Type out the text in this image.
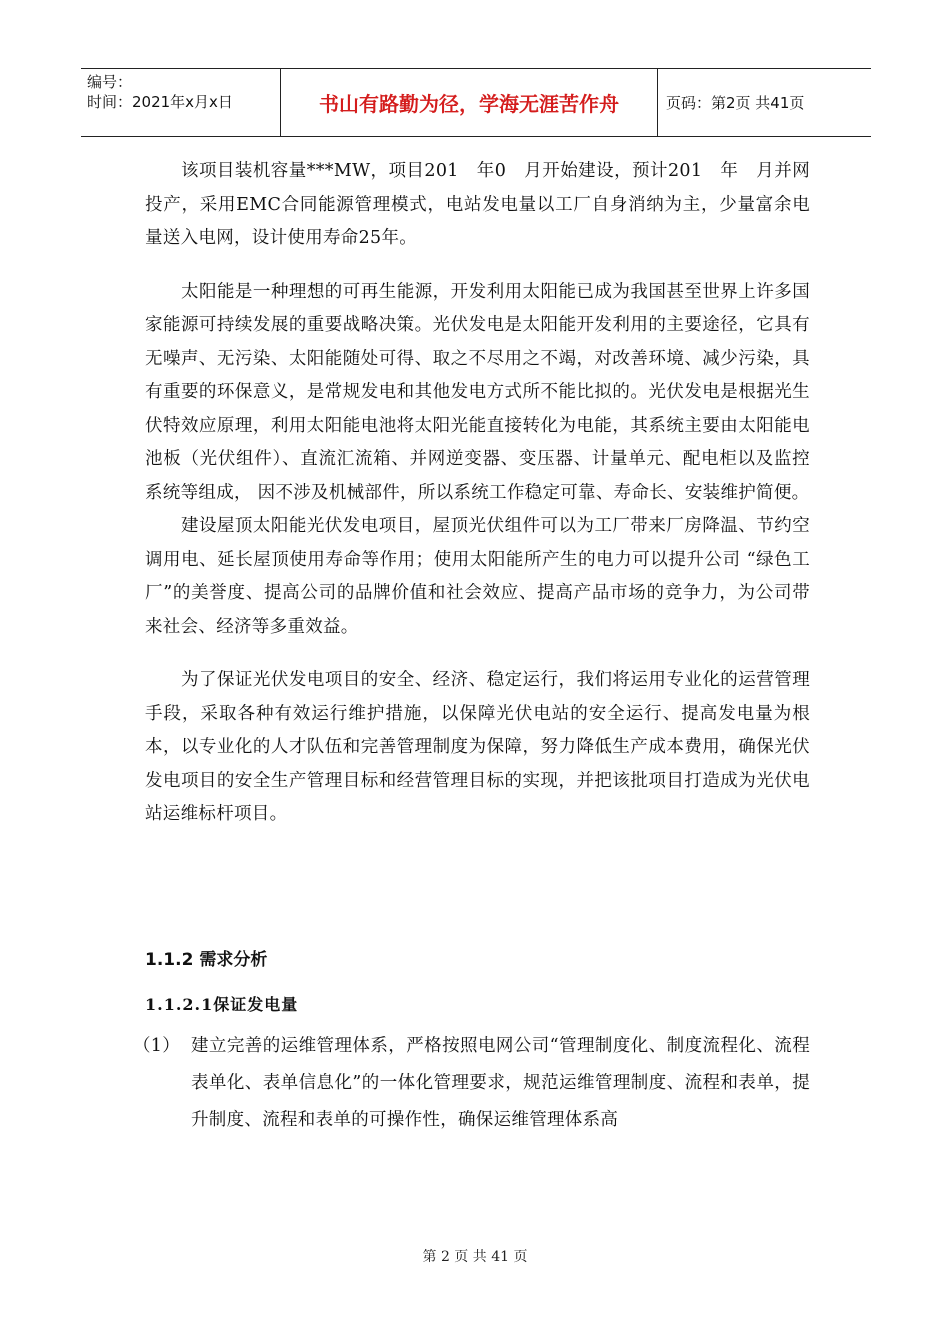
编号：
时间：2021年x月x日	书山有路勤为径，学海无涯苦作舟	页码：第2页 共41页

该项目装机容量***MW，项目201　年0　月开始建设，预计201　年　月并网投产，采用EMC合同能源管理模式，电站发电量以工厂自身消纳为主，少量富余电量送入电网，设计使用寿命25年。

太阳能是一种理想的可再生能源，开发利用太阳能已成为我国甚至世界上许多国家能源可持续发展的重要战略决策。光伏发电是太阳能开发利用的主要途径，它具有无噪声、无污染、太阳能随处可得、取之不尽用之不竭，对改善环境、减少污染，具有重要的环保意义，是常规发电和其他发电方式所不能比拟的。光伏发电是根据光生伏特效应原理，利用太阳能电池将太阳光能直接转化为电能，其系统主要由太阳能电池板（光伏组件）、直流汇流箱、并网逆变器、变压器、计量单元、配电柜以及监控系统等组成， 因不涉及机械部件，所以系统工作稳定可靠、寿命长、安装维护简便。

建设屋顶太阳能光伏发电项目，屋顶光伏组件可以为工厂带来厂房降温、节约空调用电、延长屋顶使用寿命等作用；使用太阳能所产生的电力可以提升公司 “绿色工厂”的美誉度、提高公司的品牌价值和社会效应、提高产品市场的竞争力，为公司带来社会、经济等多重效益。

为了保证光伏发电项目的安全、经济、稳定运行，我们将运用专业化的运营管理手段，采取各种有效运行维护措施，以保障光伏电站的安全运行、提高发电量为根本，以专业化的人才队伍和完善管理制度为保障，努力降低生产成本费用，确保光伏发电项目的安全生产管理目标和经营管理目标的实现，并把该批项目打造成为光伏电站运维标杆项目。

1.1.2 需求分析
1.1.2.1保证发电量
（1） 建立完善的运维管理体系，严格按照电网公司“管理制度化、制度流程化、流程表单化、表单信息化”的一体化管理要求，规范运维管理制度、流程和表单，提升制度、流程和表单的可操作性，确保运维管理体系高
第 2 页 共 41 页
